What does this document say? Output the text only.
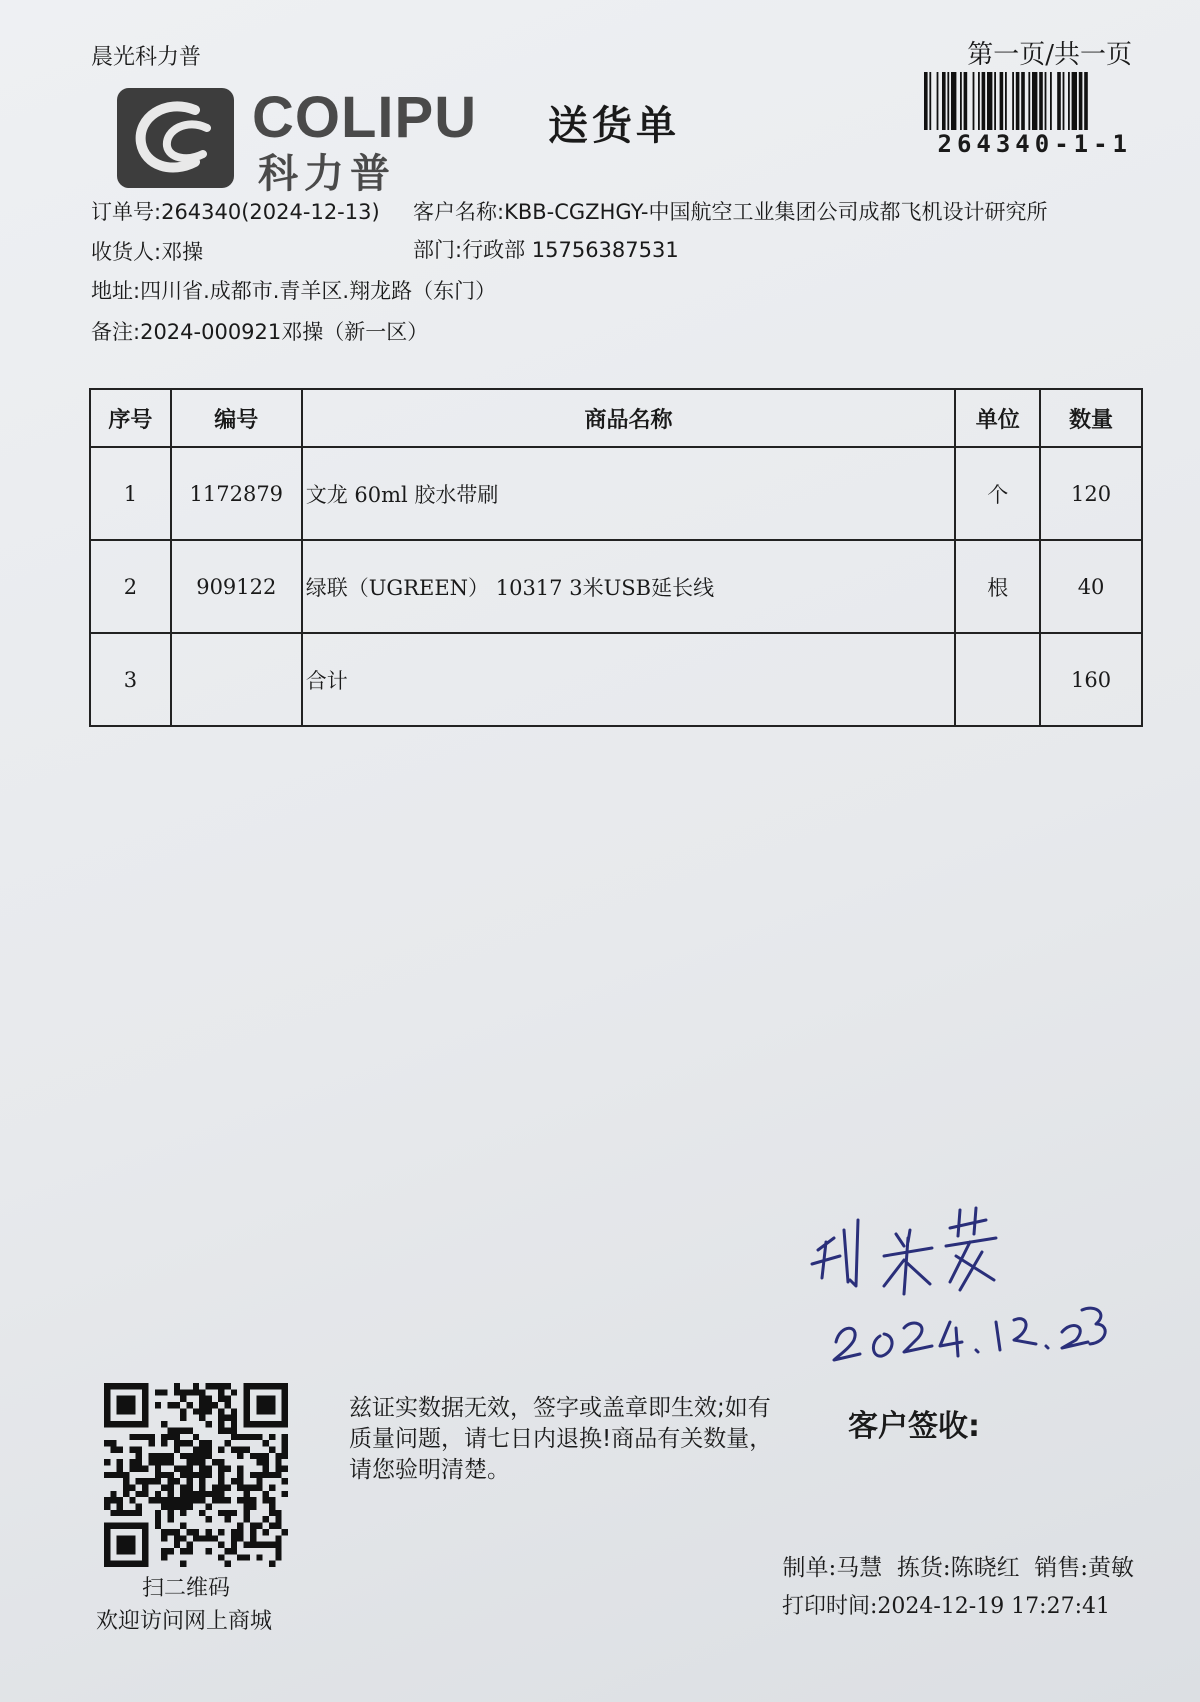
晨光科力普	第一页/共一页
COLIPU
科力普
送货单	264340-1-1
订单号:264340(2024-12-13) 客户名称:KBB-CGZHGY-中国航空工业集团公司成都飞机设计研究所
收货人:邓操	部门:行政部 15756387531
地址:四川省.成都市.青羊区.翔龙路（东门）
备注:2024-000921邓操（新一区）
序号	编号	商品名称	单位	数量
1	1172879	文龙 60ml 胶水带刷	个	120
2	909122	绿联（UGREEN） 10317 3米USB延长线	根	40
3		合计		160
扫二维码
欢迎访问网上商城
兹证实数据无效，签字或盖章即生效;如有质量问题，请七日内退换!商品有关数量，请您验明清楚。
客户签收:
制单:马慧  拣货:陈晓红  销售:黄敏
打印时间:2024-12-19 17:27:41
